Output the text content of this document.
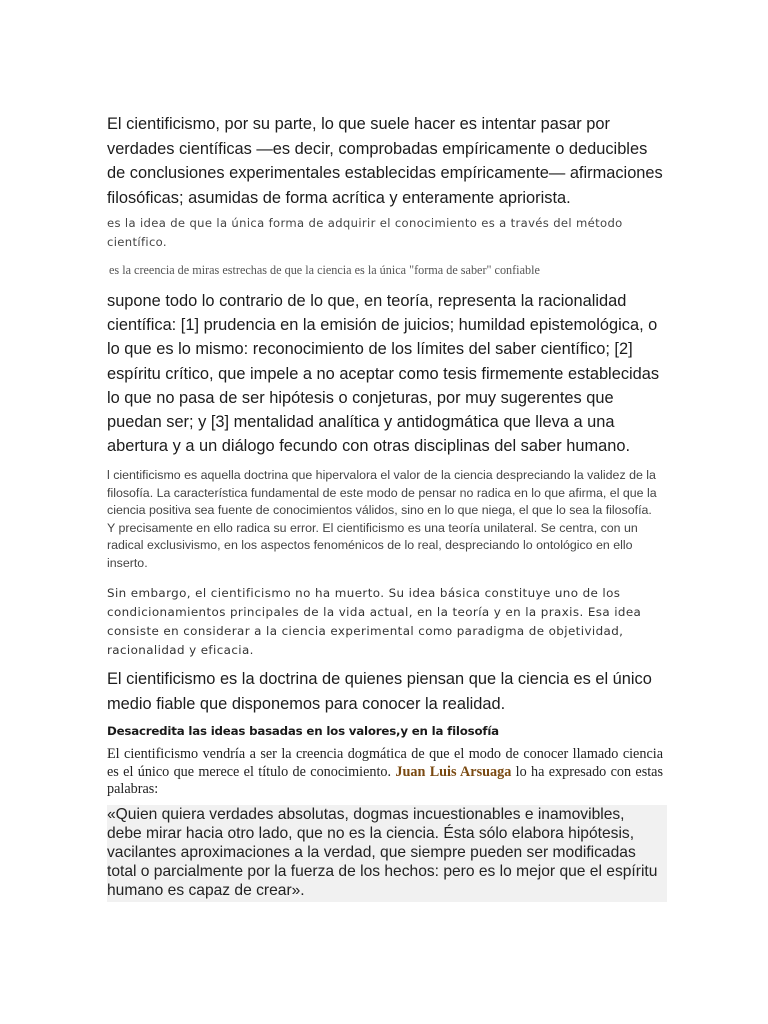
El cientificismo, por su parte, lo que suele hacer es intentar pasar por verdades científicas —es decir, comprobadas empíricamente o deducibles de conclusiones experimentales establecidas empíricamente— afirmaciones filosóficas; asumidas de forma acrítica y enteramente apriorista.

es la idea de que la única forma de adquirir el conocimiento es a través del método científico.

es la creencia de miras estrechas de que la ciencia es la única "forma de saber" confiable

supone todo lo contrario de lo que, en teoría, representa la racionalidad científica: [1] prudencia en la emisión de juicios; humildad epistemológica, o lo que es lo mismo: reconocimiento de los límites del saber científico; [2] espíritu crítico, que impele a no aceptar como tesis firmemente establecidas lo que no pasa de ser hipótesis o conjeturas, por muy sugerentes que puedan ser; y [3] mentalidad analítica y antidogmática que lleva a una abertura y a un diálogo fecundo con otras disciplinas del saber humano.

l cientificismo es aquella doctrina que hipervalora el valor de la ciencia despreciando la validez de la filosofía. La característica fundamental de este modo de pensar no radica en lo que afirma, el que la ciencia positiva sea fuente de conocimientos válidos, sino en lo que niega, el que lo sea la filosofía. Y precisamente en ello radica su error. El cientificismo es una teoría unilateral. Se centra, con un radical exclusivismo, en los aspectos fenoménicos de lo real, despreciando lo ontológico en ello inserto.

Sin embargo, el cientificismo no ha muerto. Su idea básica constituye uno de los condicionamientos principales de la vida actual, en la teoría y en la praxis. Esa idea consiste en considerar a la ciencia experimental como paradigma de objetividad, racionalidad y eficacia.

El cientificismo es la doctrina de quienes piensan que la ciencia es el único medio fiable que disponemos para conocer la realidad.

Desacredita las ideas basadas en los valores,y en la filosofía

El cientificismo vendría a ser la creencia dogmática de que el modo de conocer llamado ciencia es el único que merece el título de conocimiento. Juan Luis Arsuaga lo ha expresado con estas palabras:

«Quien quiera verdades absolutas, dogmas incuestionables e inamovibles, debe mirar hacia otro lado, que no es la ciencia. Ésta sólo elabora hipótesis, vacilantes aproximaciones a la verdad, que siempre pueden ser modificadas total o parcialmente por la fuerza de los hechos: pero es lo mejor que el espíritu humano es capaz de crear».
